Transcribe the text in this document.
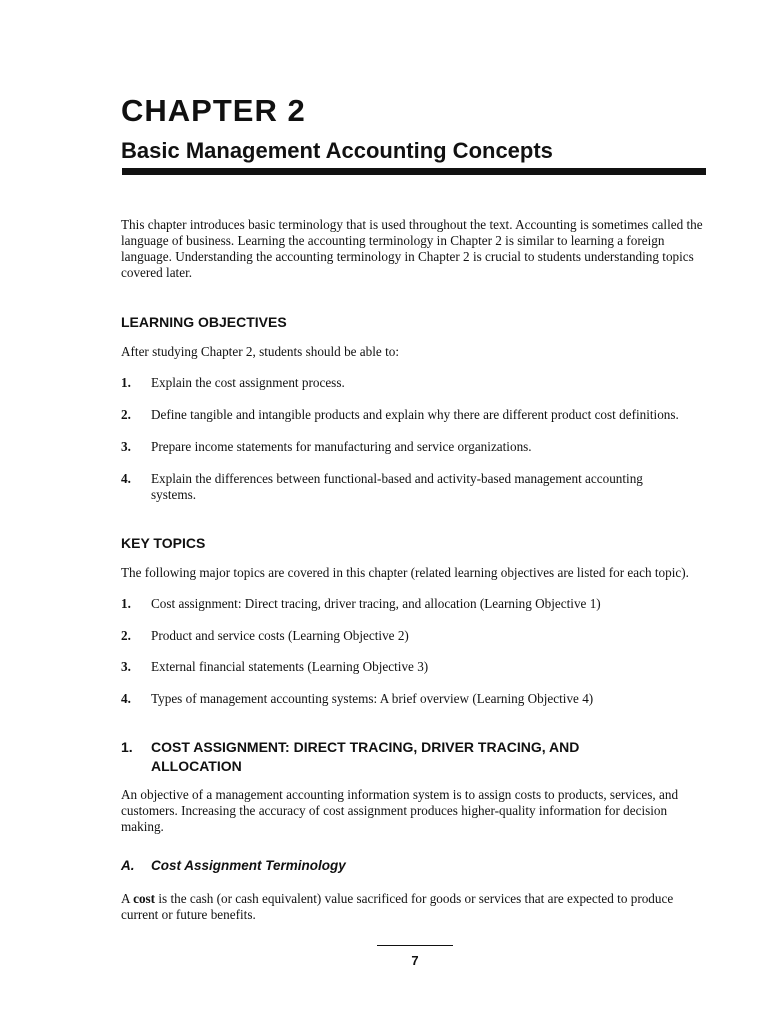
CHAPTER 2
Basic Management Accounting Concepts

This chapter introduces basic terminology that is used throughout the text. Accounting is sometimes called the language of business. Learning the accounting terminology in Chapter 2 is similar to learning a foreign language. Understanding the accounting terminology in Chapter 2 is crucial to students understanding topics covered later.

LEARNING OBJECTIVES

After studying Chapter 2, students should be able to:

1. Explain the cost assignment process.
2. Define tangible and intangible products and explain why there are different product cost definitions.
3. Prepare income statements for manufacturing and service organizations.
4. Explain the differences between functional-based and activity-based management accounting systems.
KEY TOPICS

The following major topics are covered in this chapter (related learning objectives are listed for each topic).

1. Cost assignment: Direct tracing, driver tracing, and allocation (Learning Objective 1)
2. Product and service costs (Learning Objective 2)
3. External financial statements (Learning Objective 3)
4. Types of management accounting systems: A brief overview (Learning Objective 4)
1. COST ASSIGNMENT: DIRECT TRACING, DRIVER TRACING, AND ALLOCATION

An objective of a management accounting information system is to assign costs to products, services, and customers. Increasing the accuracy of cost assignment produces higher-quality information for decision making.

A. Cost Assignment Terminology

A cost is the cash (or cash equivalent) value sacrificed for goods or services that are expected to produce current or future benefits.

7
